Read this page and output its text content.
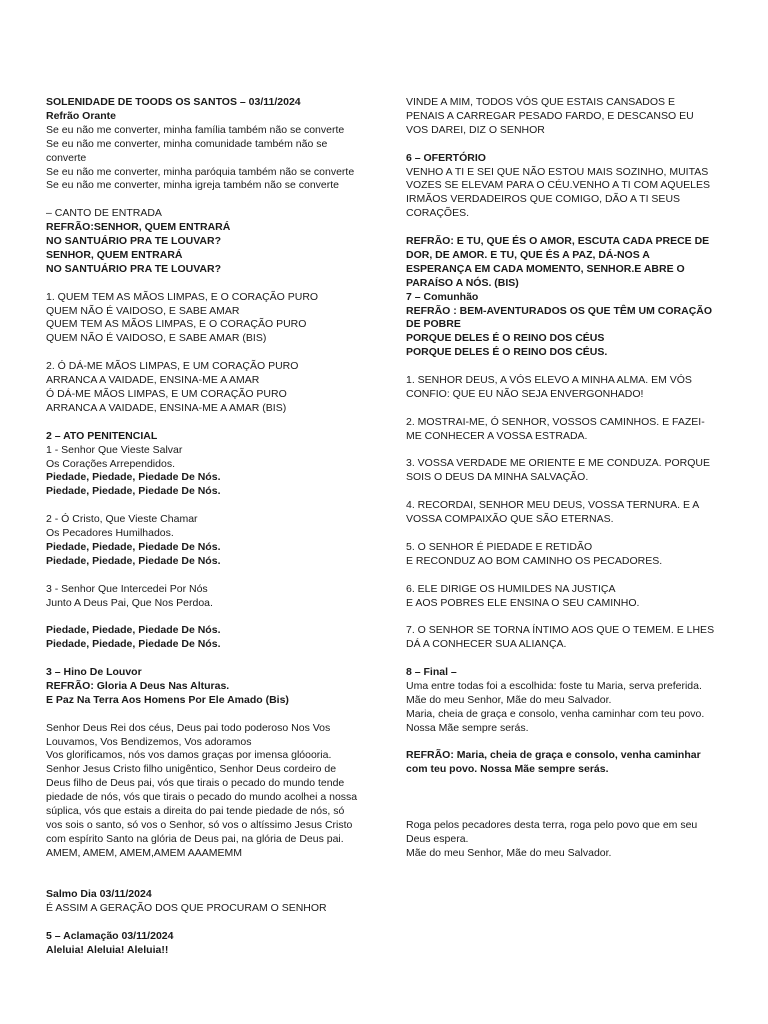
SOLENIDADE DE TOODS OS SANTOS – 03/11/2024

Refrão Orante

Se eu não me converter, minha família também não se converte

Se eu não me converter, minha comunidade também não se

converte

Se eu não me converter, minha paróquia também não se converte

Se eu não me converter, minha igreja também não se converte

– CANTO DE ENTRADA

REFRÃO:SENHOR, QUEM ENTRARÁ

NO SANTUÁRIO PRA TE LOUVAR?

SENHOR, QUEM ENTRARÁ

NO SANTUÁRIO PRA TE LOUVAR?

1. QUEM TEM AS MÃOS LIMPAS, E O CORAÇÃO PURO

QUEM NÃO É VAIDOSO, E SABE AMAR

QUEM TEM AS MÃOS LIMPAS, E O CORAÇÃO PURO

QUEM NÃO É VAIDOSO, E SABE AMAR (BIS)

2. Ó DÁ-ME MÃOS LIMPAS, E UM CORAÇÃO PURO

ARRANCA A VAIDADE, ENSINA-ME A AMAR

Ó DÁ-ME MÃOS LIMPAS, E UM CORAÇÃO PURO

ARRANCA A VAIDADE, ENSINA-ME A AMAR (BIS)

2 – ATO PENITENCIAL

1 - Senhor Que Vieste Salvar

Os Corações Arrependidos.

Piedade, Piedade, Piedade De Nós.

Piedade, Piedade, Piedade De Nós.

2 - Ó Cristo, Que Vieste Chamar

Os Pecadores Humilhados.

Piedade, Piedade, Piedade De Nós.

Piedade, Piedade, Piedade De Nós.

3 - Senhor Que Intercedei Por Nós

Junto A Deus Pai, Que Nos Perdoa.

Piedade, Piedade, Piedade De Nós.

Piedade, Piedade, Piedade De Nós.

3 – Hino De Louvor

REFRÃO: Gloria A Deus Nas Alturas.

E Paz Na Terra Aos Homens Por Ele Amado (Bis)

Senhor Deus Rei dos céus, Deus pai todo poderoso Nos Vos

Louvamos, Vos Bendizemos, Vos adoramos

Vos glorificamos, nós vos damos graças por imensa glóooria.

Senhor Jesus Cristo filho unigêntico, Senhor Deus cordeiro de

Deus filho de Deus pai, vós que tirais o pecado do mundo tende

piedade de nós, vós que tirais o pecado do mundo acolhei a nossa

súplica, vós que estais a direita do pai tende piedade de nós, só

vos sois o santo, só vos o Senhor, só vos o altíssimo Jesus Cristo

com espírito Santo na glória de Deus pai, na glória de Deus pai.

AMEM, AMEM, AMEM,AMEM AAAMEMM

Salmo Dia 03/11/2024

É ASSIM A GERAÇÃO DOS QUE PROCURAM O SENHOR

5 – Aclamação 03/11/2024

Aleluia! Aleluia! Aleluia!!

VINDE A MIM, TODOS VÓS QUE ESTAIS CANSADOS E

PENAIS A CARREGAR PESADO FARDO, E DESCANSO EU

VOS DAREI, DIZ O SENHOR

6 – OFERTÓRIO

VENHO A TI E SEI QUE NÃO ESTOU MAIS SOZINHO, MUITAS

VOZES SE ELEVAM PARA O CÉU.VENHO A TI COM AQUELES

IRMÃOS VERDADEIROS QUE COMIGO, DÃO A TI SEUS

CORAÇÕES.

REFRÃO: E TU, QUE ÉS O AMOR, ESCUTA CADA PRECE DE

DOR, DE AMOR. E TU, QUE ÉS A PAZ, DÁ-NOS A

ESPERANÇA EM CADA MOMENTO, SENHOR.E ABRE O

PARAÍSO A NÓS. (BIS)

7 – Comunhão

REFRÃO : BEM-AVENTURADOS OS QUE TÊM UM CORAÇÃO

DE POBRE

PORQUE DELES É O REINO DOS CÉUS

PORQUE DELES É O REINO DOS CÉUS.

1. SENHOR DEUS, A VÓS ELEVO A MINHA ALMA. EM VÓS

CONFIO: QUE EU NÃO SEJA ENVERGONHADO!

2. MOSTRAI-ME, Ó SENHOR, VOSSOS CAMINHOS. E FAZEI-

ME CONHECER A VOSSA ESTRADA.

3. VOSSA VERDADE ME ORIENTE E ME CONDUZA. PORQUE

SOIS O DEUS DA MINHA SALVAÇÃO.

4. RECORDAI, SENHOR MEU DEUS, VOSSA TERNURA. E A

VOSSA COMPAIXÃO QUE SÃO ETERNAS.

5. O SENHOR É PIEDADE E RETIDÃO

E RECONDUZ AO BOM CAMINHO OS PECADORES.

6. ELE DIRIGE OS HUMILDES NA JUSTIÇA

E AOS POBRES ELE ENSINA O SEU CAMINHO.

7. O SENHOR SE TORNA ÍNTIMO AOS QUE O TEMEM. E LHES

DÁ A CONHECER SUA ALIANÇA.

8 – Final –

Uma entre todas foi a escolhida: foste tu Maria, serva preferida.

Mãe do meu Senhor, Mãe do meu Salvador.

Maria, cheia de graça e consolo, venha caminhar com teu povo.

Nossa Mãe sempre serás.

REFRÃO: Maria, cheia de graça e consolo, venha caminhar

com teu povo. Nossa Mãe sempre serás.

Roga pelos pecadores desta terra, roga pelo povo que em seu

Deus espera.

Mãe do meu Senhor, Mãe do meu Salvador.
